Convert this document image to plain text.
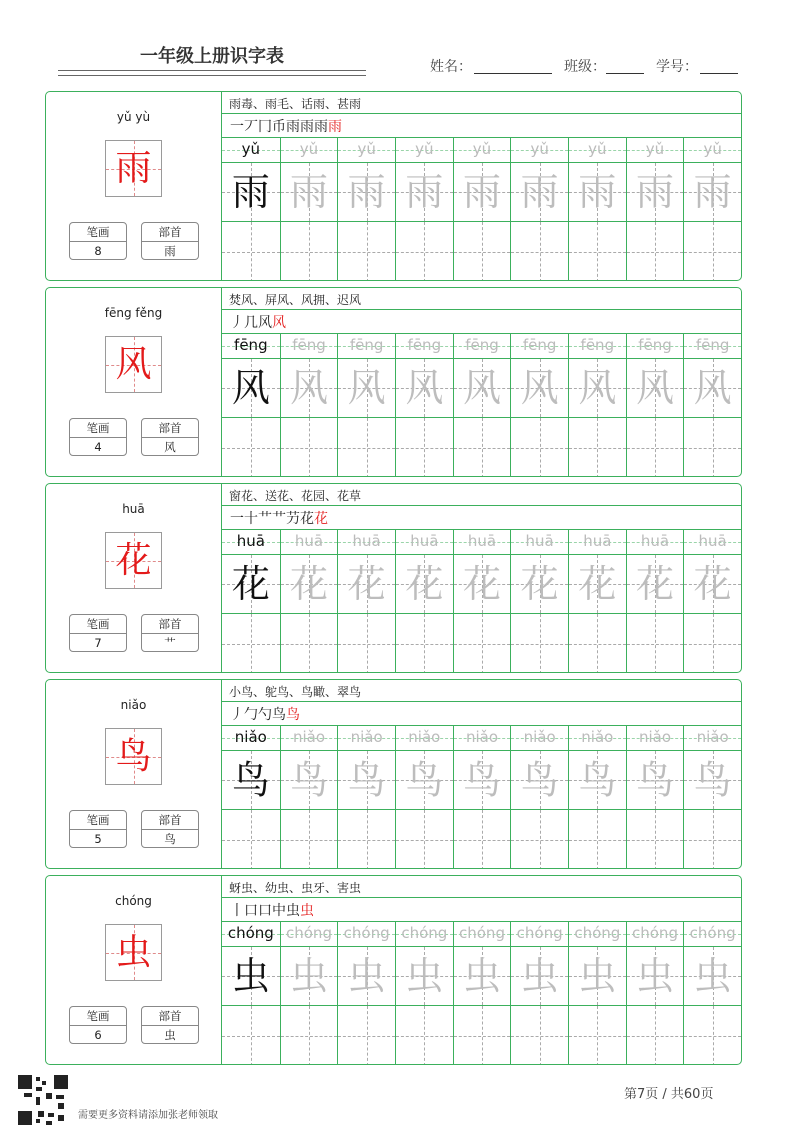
一年级上册识字表	姓名：	班级：	学号：
yǔ yù
雨
笔画
8
部首
雨
雨毒、雨毛、话雨、甚雨
一丆冂币雨雨雨雨
yǔ	yǔ	yǔ	yǔ	yǔ	yǔ	yǔ	yǔ	yǔ
雨 雨 雨 雨 雨 雨 雨 雨 雨
fēng fěng
风
笔画
4
部首
风
焚风、屏风、风拥、迟风
丿几风风
fēng	fēng	fēng	fēng	fēng	fēng	fēng	fēng	fēng
风 风 风 风 风 风 风 风 风
huā
花
笔画
7
部首
艹
窗花、送花、花园、花草
一十艹艹芀花花
huā	huā	huā	huā	huā	huā	huā	huā	huā
花 花 花 花 花 花 花 花 花
niǎo
鸟
笔画
5
部首
鸟
小鸟、鸵鸟、鸟瞰、翠鸟
丿勹勺鸟鸟
niǎo	niǎo	niǎo	niǎo	niǎo	niǎo	niǎo	niǎo	niǎo
鸟 鸟 鸟 鸟 鸟 鸟 鸟 鸟 鸟
chóng
虫
笔画
6
部首
虫
蚜虫、幼虫、虫牙、害虫
丨口口中虫虫
chóng chóng chóng chóng chóng chóng chóng chóng chóng
虫 虫 虫 虫 虫 虫 虫 虫 虫
需要更多资料请添加张老师领取
第7页 / 共60页
